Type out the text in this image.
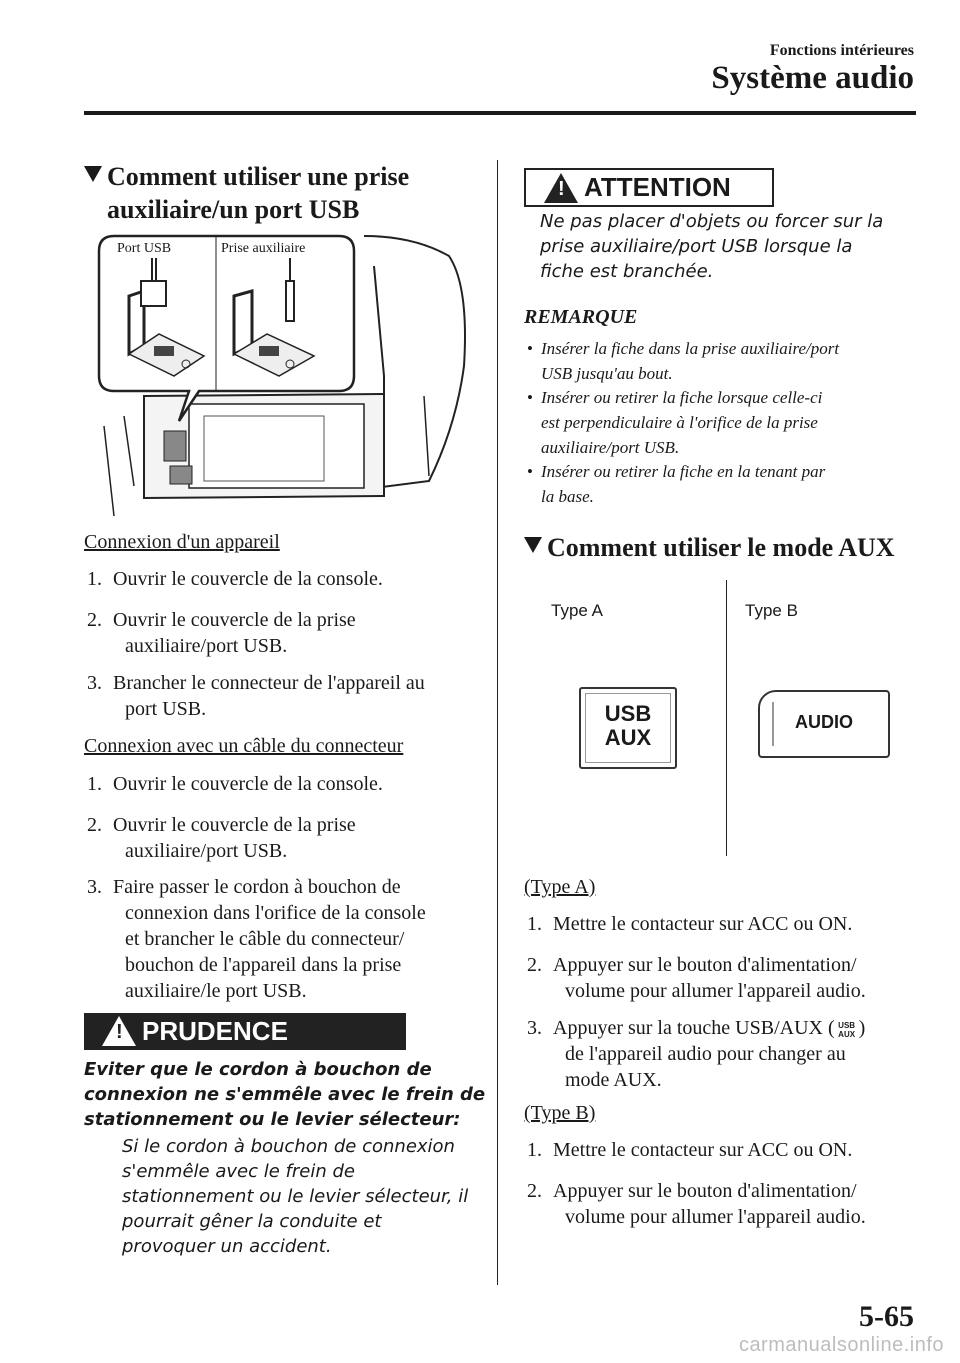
Fonctions intérieures
Système audio
Comment utiliser une prise
auxiliaire/un port USB
Port USB	Prise auxiliaire
Connexion d'un appareil
1. Ouvrir le couvercle de la console.
2. Ouvrir le couvercle de la prise
auxiliaire/port USB.
3. Brancher le connecteur de l'appareil au
port USB.
Connexion avec un câble du connecteur
1. Ouvrir le couvercle de la console.
2. Ouvrir le couvercle de la prise
auxiliaire/port USB.
3. Faire passer le cordon à bouchon de
connexion dans l'orifice de la console
et brancher le câble du connecteur/
bouchon de l'appareil dans la prise
auxiliaire/le port USB.
! PRUDENCE
Eviter que le cordon à bouchon de
connexion ne s'emmêle avec le frein de
stationnement ou le levier sélecteur:
Si le cordon à bouchon de connexion
s'emmêle avec le frein de
stationnement ou le levier sélecteur, il
pourrait gêner la conduite et
provoquer un accident.
! ATTENTION
Ne pas placer d'objets ou forcer sur la
prise auxiliaire/port USB lorsque la
fiche est branchée.
REMARQUE
• Insérer la fiche dans la prise auxiliaire/port
USB jusqu'au bout.
• Insérer ou retirer la fiche lorsque celle-ci
est perpendiculaire à l'orifice de la prise
auxiliaire/port USB.
• Insérer ou retirer la fiche en la tenant par
la base.
Comment utiliser le mode AUX
Type A	Type B
USB
AUX
AUDIO
(Type A)
1. Mettre le contacteur sur ACC ou ON.
2. Appuyer sur le bouton d'alimentation/
volume pour allumer l'appareil audio.
3. Appuyer sur la touche USB/AUX ( USB
AUX )
de l'appareil audio pour changer au
mode AUX.
(Type B)
1. Mettre le contacteur sur ACC ou ON.
2. Appuyer sur le bouton d'alimentation/
volume pour allumer l'appareil audio.
5-65
carmanualsonline.info
